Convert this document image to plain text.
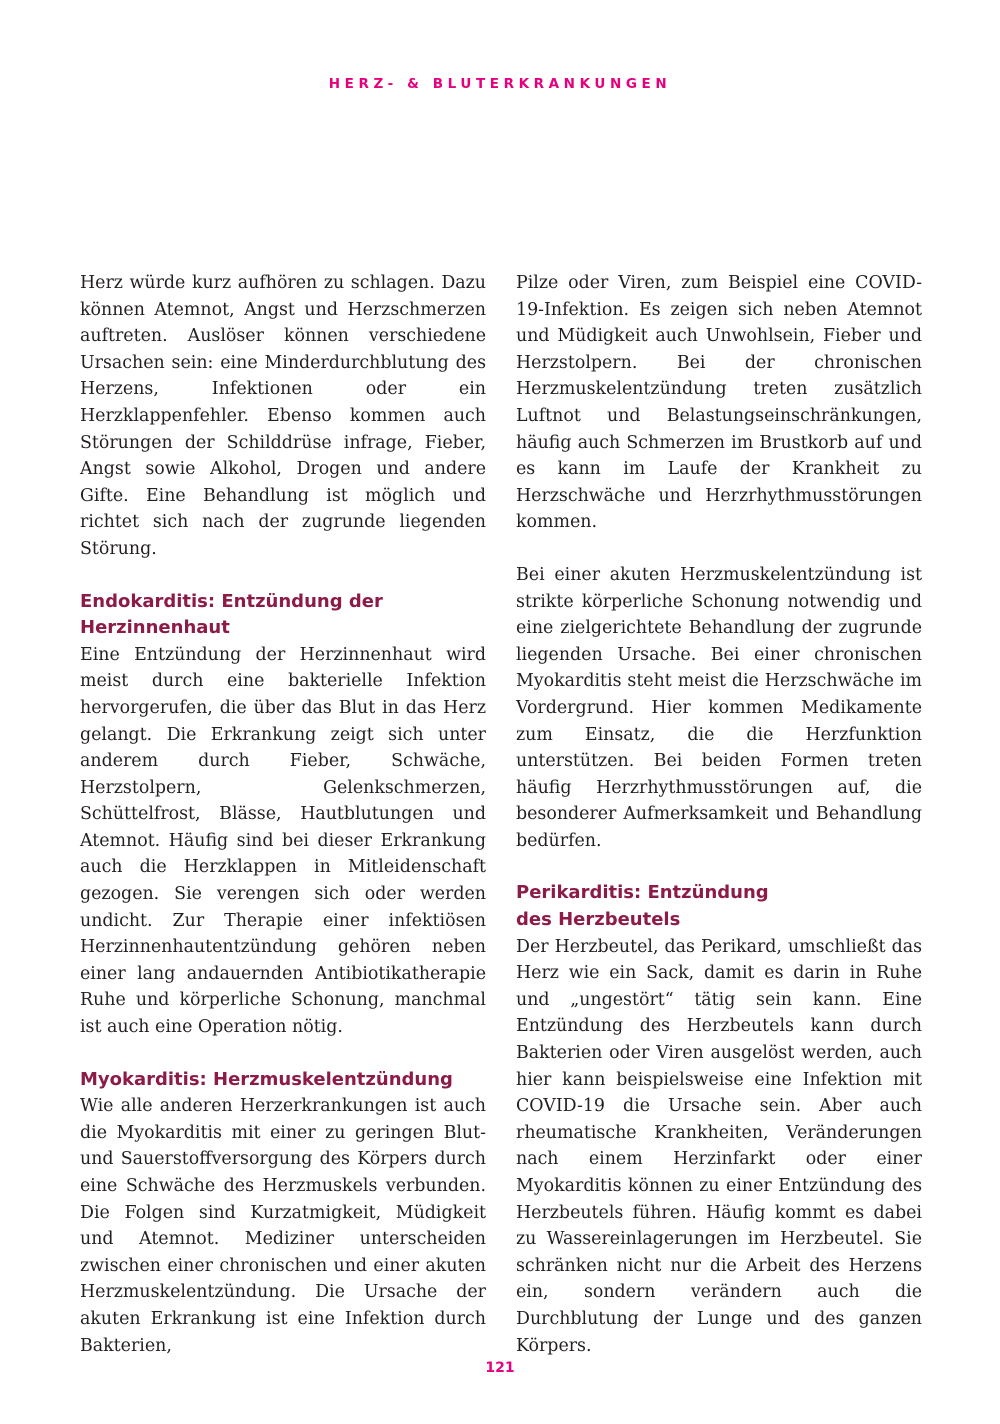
HERZ- & BLUTERKRANKUNGEN

Herz würde kurz aufhören zu schlagen. Dazu können Atemnot, Angst und Herzschmerzen auftreten. Auslöser können verschiedene Ursachen sein: eine Minderdurchblutung des Herzens, Infektionen oder ein Herzklappenfehler. Ebenso kommen auch Störungen der Schilddrüse infrage, Fieber, Angst sowie Alkohol, Drogen und andere Gifte. Eine Behandlung ist möglich und richtet sich nach der zugrunde liegenden Störung.

Endokarditis: Entzündung der
Herzinnenhaut

Eine Entzündung der Herzinnenhaut wird meist durch eine bakterielle Infektion hervorgerufen, die über das Blut in das Herz gelangt. Die Erkrankung zeigt sich unter anderem durch Fieber, Schwäche, Herzstolpern, Gelenkschmerzen, Schüttelfrost, Blässe, Hautblutungen und Atemnot. Häufig sind bei dieser Erkrankung auch die Herzklappen in Mitleidenschaft gezogen. Sie verengen sich oder werden undicht. Zur Therapie einer infektiösen Herzinnenhautentzündung gehören neben einer lang andauernden Antibiotikatherapie Ruhe und körperliche Schonung, manchmal ist auch eine Operation nötig.

Myokarditis: Herzmuskelentzündung

Wie alle anderen Herzerkrankungen ist auch die Myokarditis mit einer zu geringen Blut- und Sauerstoffversorgung des Körpers durch eine Schwäche des Herzmuskels verbunden. Die Folgen sind Kurzatmigkeit, Müdigkeit und Atemnot. Mediziner unterscheiden zwischen einer chronischen und einer akuten Herzmuskelentzündung. Die Ursache der akuten Erkrankung ist eine Infektion durch Bakterien,

Pilze oder Viren, zum Beispiel eine COVID-19-Infektion. Es zeigen sich neben Atemnot und Müdigkeit auch Unwohlsein, Fieber und Herzstolpern. Bei der chronischen Herzmuskelentzündung treten zusätzlich Luftnot und Belastungseinschränkungen, häufig auch Schmerzen im Brustkorb auf und es kann im Laufe der Krankheit zu Herzschwäche und Herzrhythmusstörungen kommen.

Bei einer akuten Herzmuskelentzündung ist strikte körperliche Schonung notwendig und eine zielgerichtete Behandlung der zugrunde liegenden Ursache. Bei einer chronischen Myokarditis steht meist die Herzschwäche im Vordergrund. Hier kommen Medikamente zum Einsatz, die die Herzfunktion unterstützen. Bei beiden Formen treten häufig Herzrhythmusstörungen auf, die besonderer Aufmerksamkeit und Behandlung bedürfen.

Perikarditis: Entzündung
des Herzbeutels

Der Herzbeutel, das Perikard, umschließt das Herz wie ein Sack, damit es darin in Ruhe und „ungestört“ tätig sein kann. Eine Entzündung des Herzbeutels kann durch Bakterien oder Viren ausgelöst werden, auch hier kann beispielsweise eine Infektion mit COVID-19 die Ursache sein. Aber auch rheumatische Krankheiten, Veränderungen nach einem Herzinfarkt oder einer Myokarditis können zu einer Entzündung des Herzbeutels führen. Häufig kommt es dabei zu Wassereinlagerungen im Herzbeutel. Sie schränken nicht nur die Arbeit des Herzens ein, sondern verändern auch die Durchblutung der Lunge und des ganzen Körpers.

121
